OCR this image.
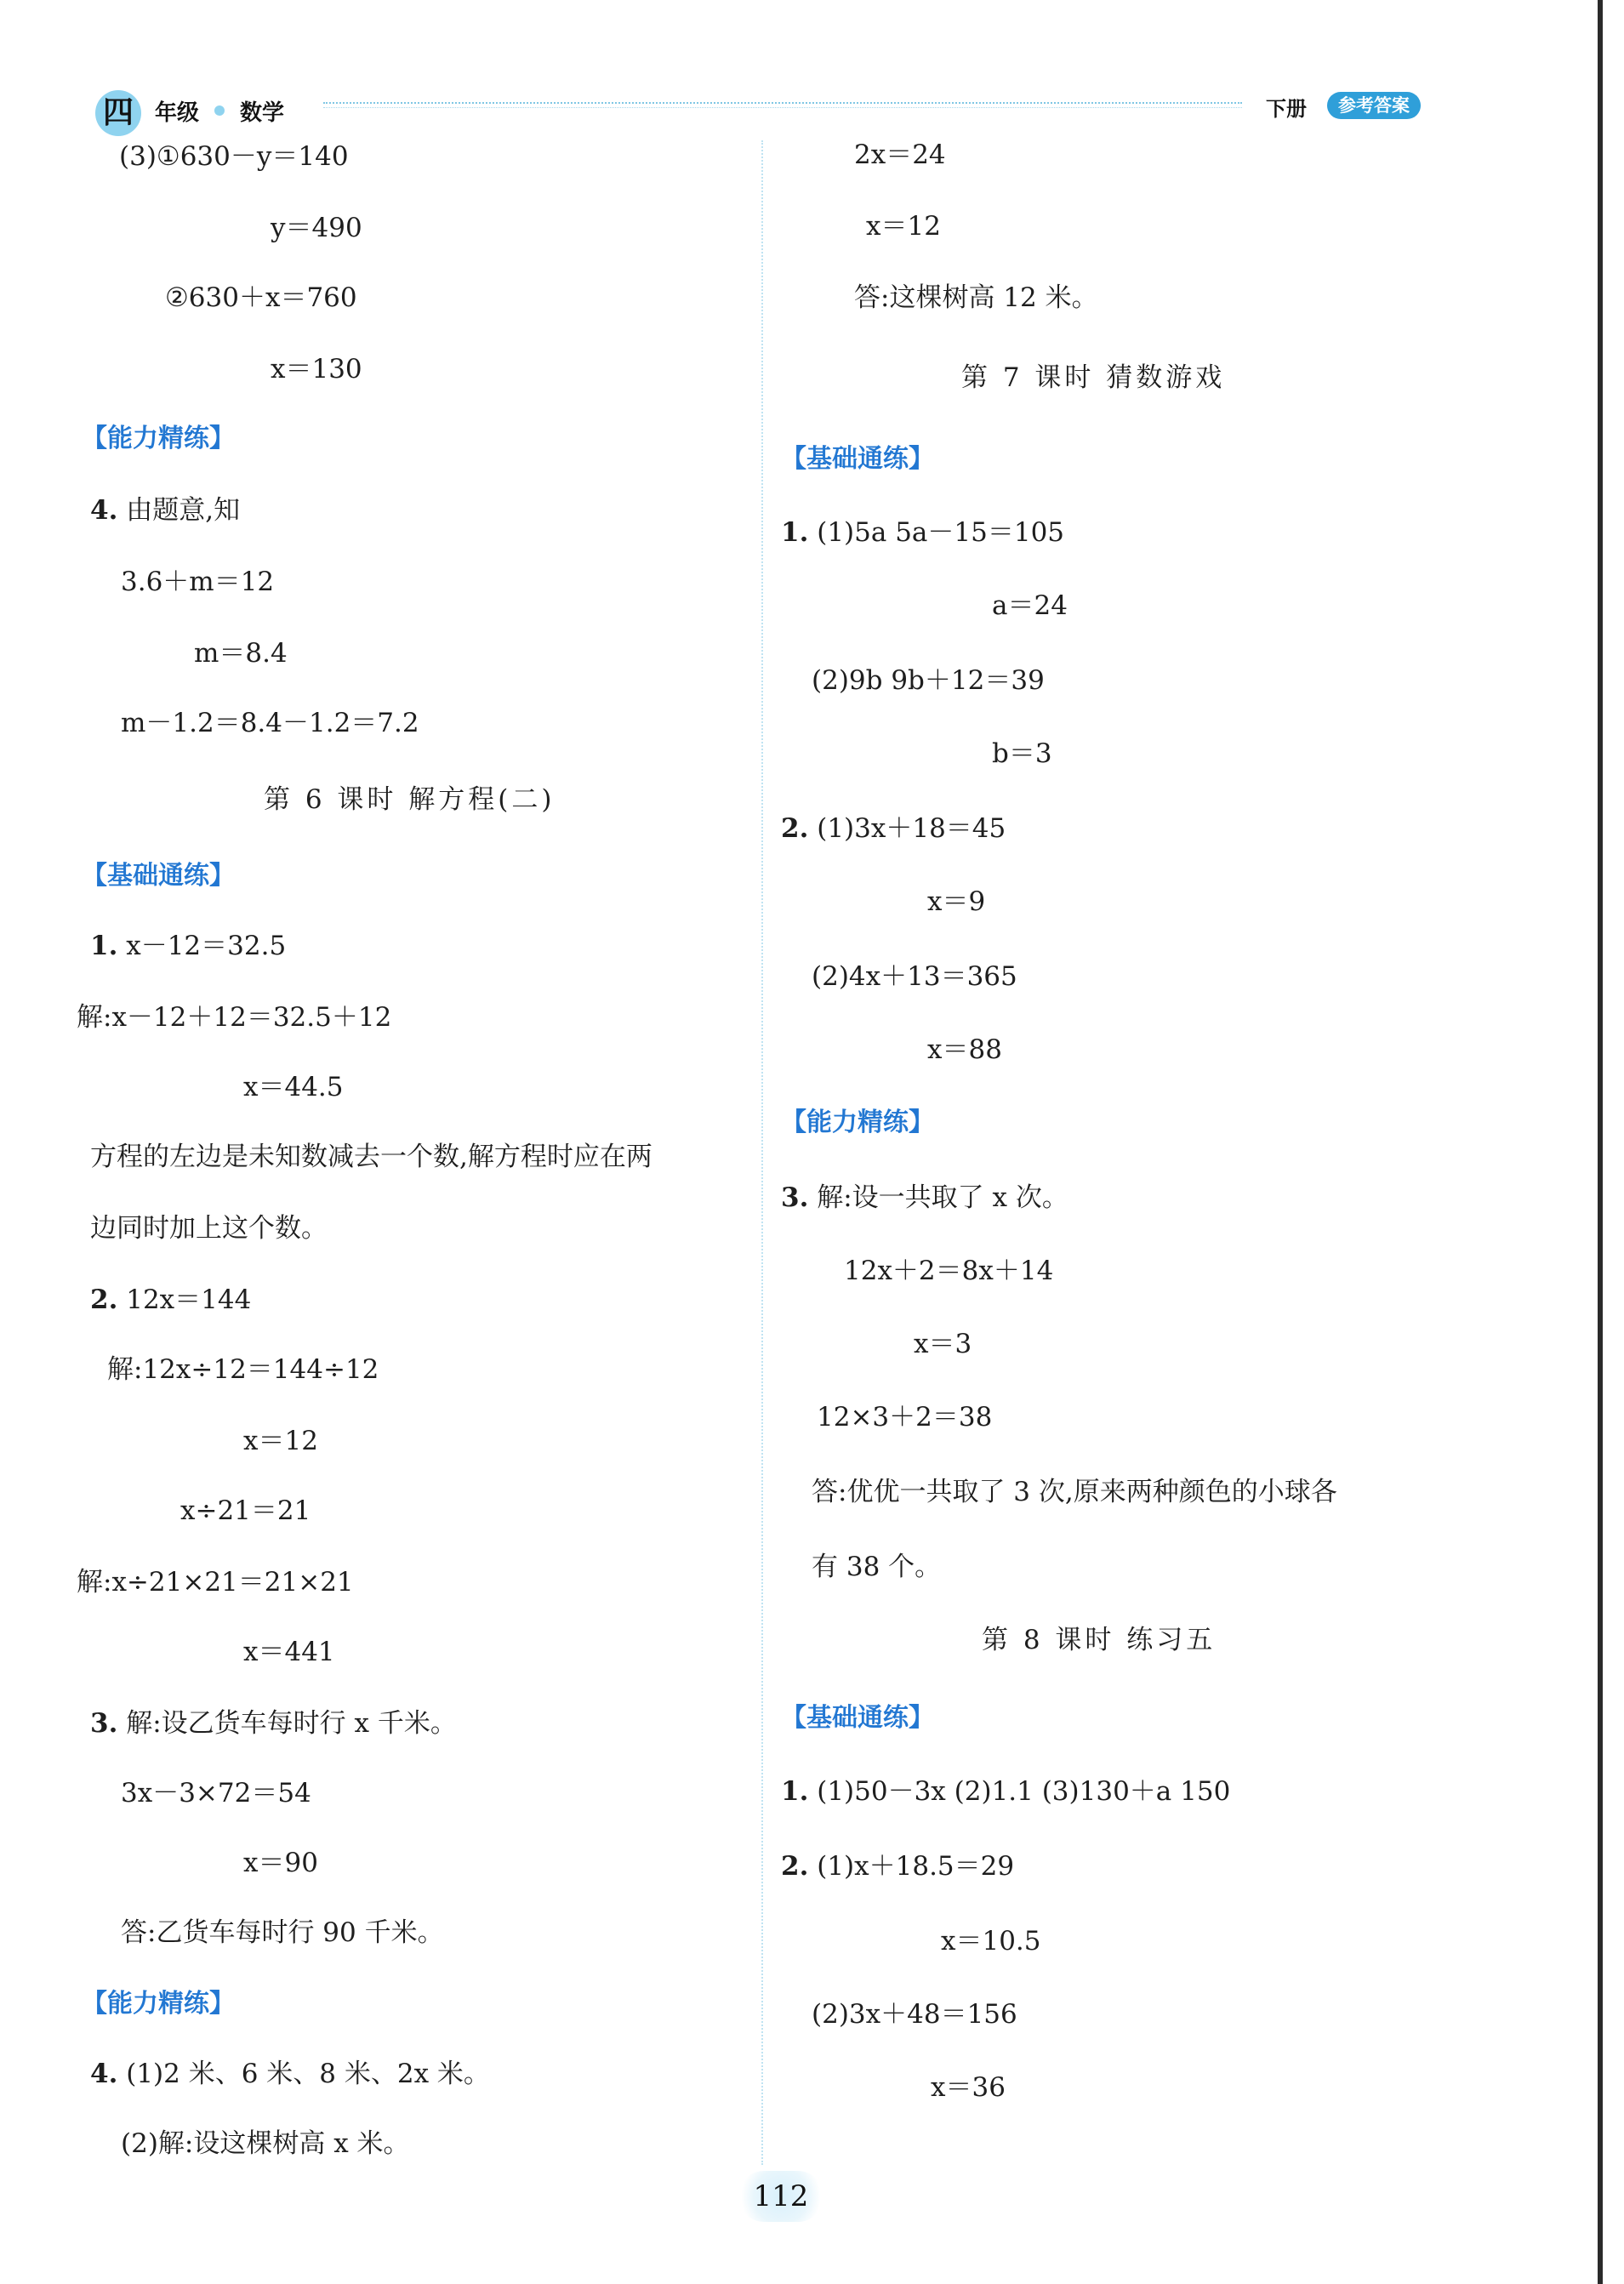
四 年级 数学	下册	参考答案
(3)①630－y＝140
y＝490
②630＋x＝760
x＝130
【能力精练】
4. 由题意,知
3.6＋m＝12
m＝8.4
m－1.2＝8.4－1.2＝7.2
第 6 课时 解方程(二)
【基础通练】
1. x－12＝32.5
解:x－12＋12＝32.5＋12
x＝44.5
方程的左边是未知数减去一个数,解方程时应在两
边同时加上这个数。
2. 12x＝144
解:12x÷12＝144÷12
x＝12
x÷21＝21
解:x÷21×21＝21×21
x＝441
3. 解:设乙货车每时行 x 千米。
3x－3×72＝54
x＝90
答:乙货车每时行 90 千米。
【能力精练】
4. (1)2 米、6 米、8 米、2x 米。
(2)解:设这棵树高 x 米。
2x＝24
x＝12
答:这棵树高 12 米。
第 7 课时 猜数游戏
【基础通练】
1. (1)5a 5a－15＝105
a＝24
(2)9b 9b＋12＝39
b＝3
2. (1)3x＋18＝45
x＝9
(2)4x＋13＝365
x＝88
【能力精练】
3. 解:设一共取了 x 次。
12x＋2＝8x＋14
x＝3
12×3＋2＝38
答:优优一共取了 3 次,原来两种颜色的小球各
有 38 个。
第 8 课时 练习五
【基础通练】
1. (1)50－3x (2)1.1 (3)130＋a 150
2. (1)x＋18.5＝29
x＝10.5
(2)3x＋48＝156
x＝36
112
